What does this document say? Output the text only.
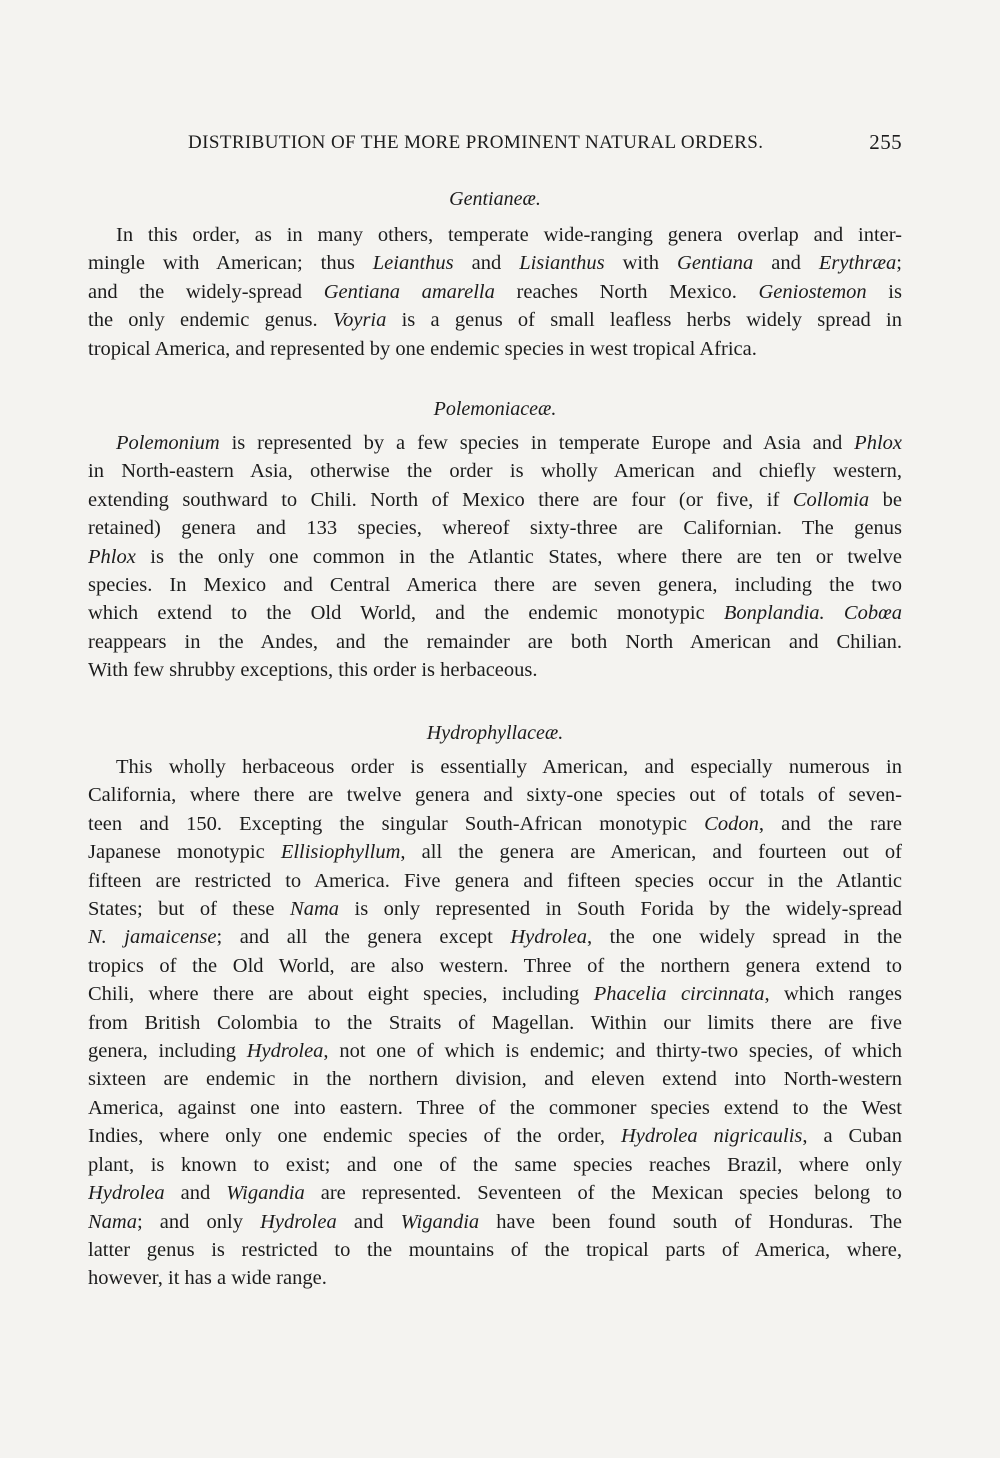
DISTRIBUTION OF THE MORE PROMINENT NATURAL ORDERS.	255

Gentianeæ.

In this order, as in many others, temperate wide-ranging genera overlap and inter-
mingle with American; thus Leianthus and Lisianthus with Gentiana and Erythræa;
and the widely-spread Gentiana amarella reaches North Mexico. Geniostemon is
the only endemic genus. Voyria is a genus of small leafless herbs widely spread in
tropical America, and represented by one endemic species in west tropical Africa.

Polemoniaceæ.

Polemonium is represented by a few species in temperate Europe and Asia and Phlox
in North-eastern Asia, otherwise the order is wholly American and chiefly western,
extending southward to Chili. North of Mexico there are four (or five, if Collomia be
retained) genera and 133 species, whereof sixty-three are Californian. The genus
Phlox is the only one common in the Atlantic States, where there are ten or twelve
species. In Mexico and Central America there are seven genera, including the two
which extend to the Old World, and the endemic monotypic Bonplandia. Cobœa
reappears in the Andes, and the remainder are both North American and Chilian.
With few shrubby exceptions, this order is herbaceous.

Hydrophyllaceæ.

This wholly herbaceous order is essentially American, and especially numerous in
California, where there are twelve genera and sixty-one species out of totals of seven-
teen and 150. Excepting the singular South-African monotypic Codon, and the rare
Japanese monotypic Ellisiophyllum, all the genera are American, and fourteen out of
fifteen are restricted to America. Five genera and fifteen species occur in the Atlantic
States; but of these Nama is only represented in South Forida by the widely-spread
N. jamaicense; and all the genera except Hydrolea, the one widely spread in the
tropics of the Old World, are also western. Three of the northern genera extend to
Chili, where there are about eight species, including Phacelia circinnata, which ranges
from British Colombia to the Straits of Magellan. Within our limits there are five
genera, including Hydrolea, not one of which is endemic; and thirty-two species, of which
sixteen are endemic in the northern division, and eleven extend into North-western
America, against one into eastern. Three of the commoner species extend to the West
Indies, where only one endemic species of the order, Hydrolea nigricaulis, a Cuban
plant, is known to exist; and one of the same species reaches Brazil, where only
Hydrolea and Wigandia are represented. Seventeen of the Mexican species belong to
Nama; and only Hydrolea and Wigandia have been found south of Honduras. The
latter genus is restricted to the mountains of the tropical parts of America, where,
however, it has a wide range.
